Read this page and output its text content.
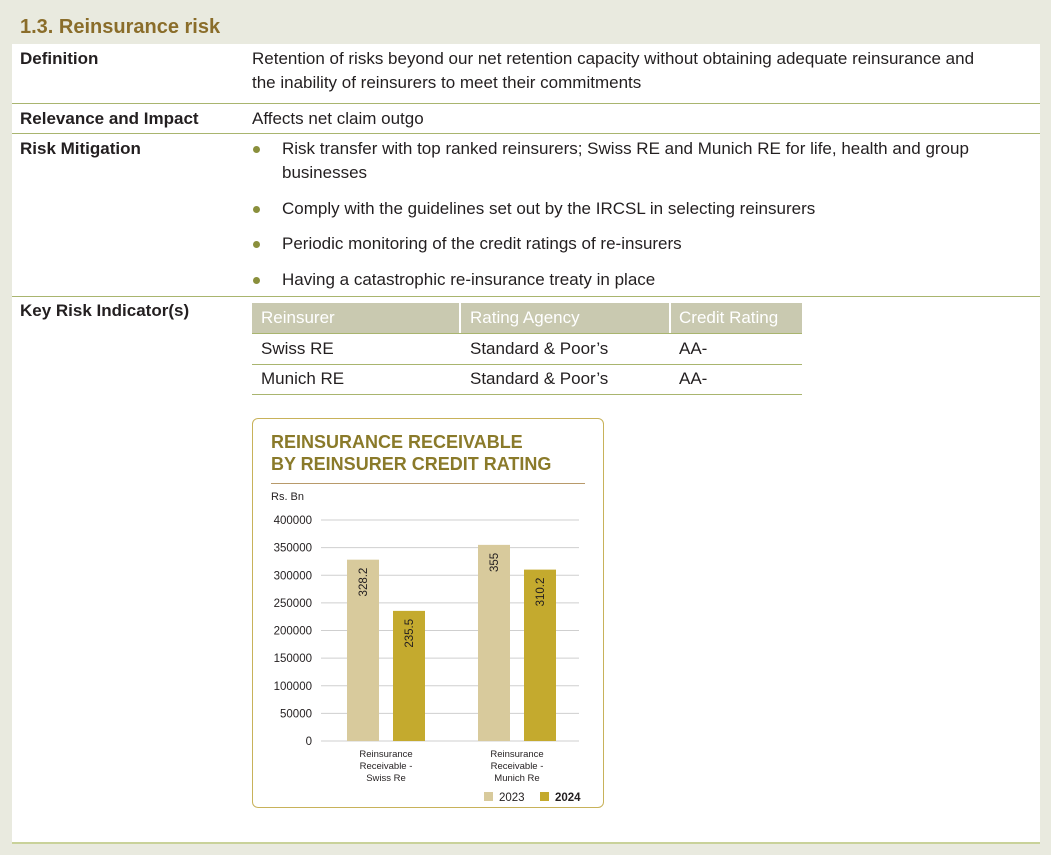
1.3. Reinsurance risk
Definition	Retention of risks beyond our net retention capacity without obtaining adequate reinsurance and
the inability of reinsurers to meet their commitments
Relevance and Impact	Affects net claim outgo
Risk Mitigation	Risk transfer with top ranked reinsurers; Swiss RE and Munich RE for life, health and group
businesses
Comply with the guidelines set out by the IRCSL in selecting reinsurers
Periodic monitoring of the credit ratings of re-insurers
Having a catastrophic re-insurance treaty in place
Key Risk Indicator(s)	Reinsurer	Rating Agency	Credit Rating
Swiss RE	Standard & Poor’s	AA-
Munich RE	Standard & Poor’s	AA-
REINSURANCE RECEIVABLE
BY REINSURER CREDIT RATING
Rs. Bn
400000
350000
300000
250000
200000
150000
100000
50000
0
328.2
355
235.5
310.2
Reinsurance
Receivable -
Swiss Re
Reinsurance
Receivable -
Munich Re
2023	2024
